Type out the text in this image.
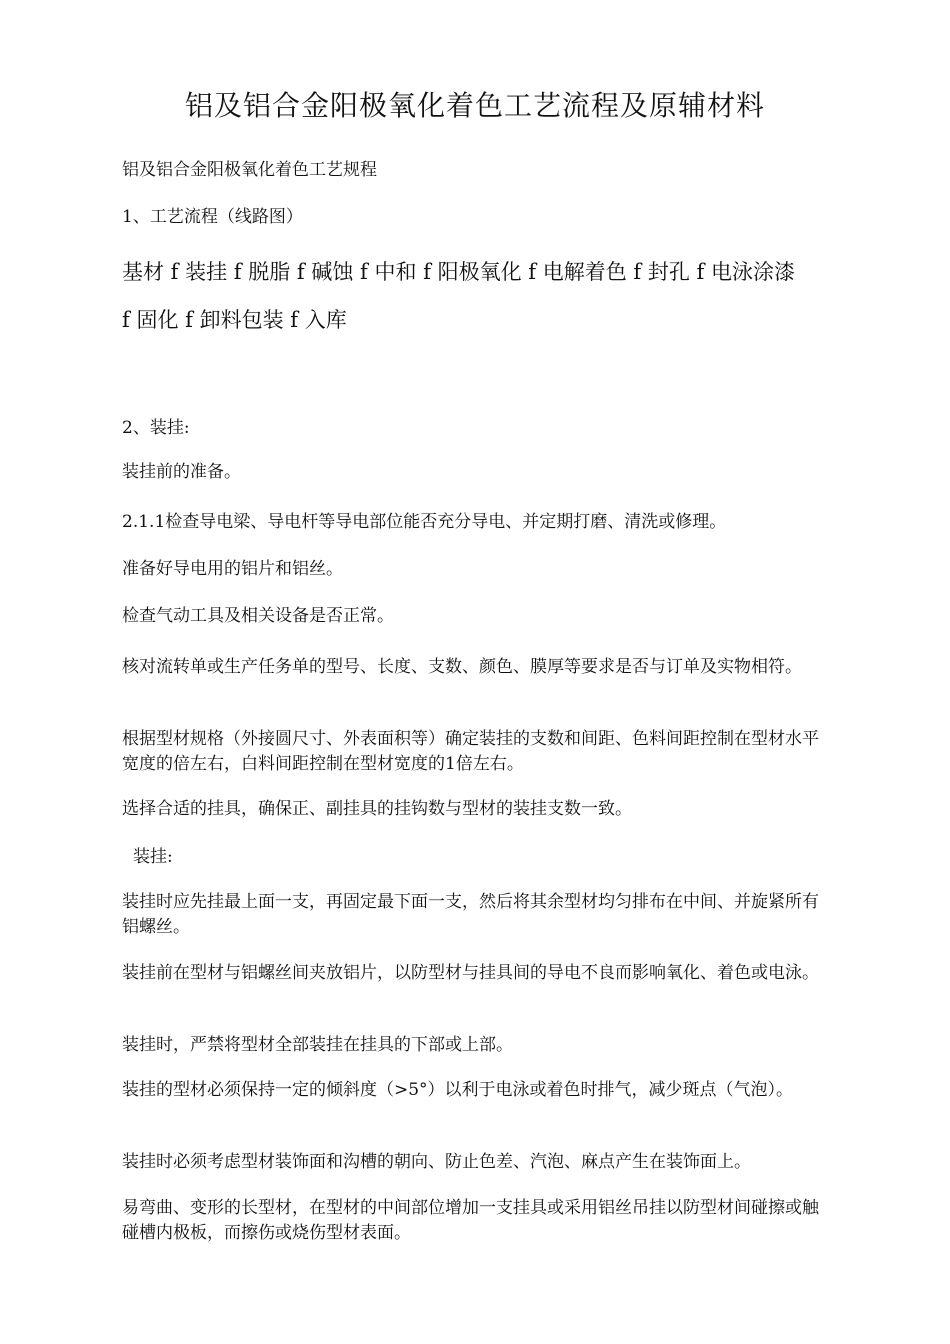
铝及铝合金阳极氧化着色工艺流程及原辅材料

铝及铝合金阳极氧化着色工艺规程

1、工艺流程（线路图）

基材 f 装挂 f 脱脂 f 碱蚀 f 中和 f 阳极氧化 f 电解着色 f 封孔 f 电泳涂漆

f 固化 f 卸料包装 f 入库

2、装挂:

装挂前的准备。

2.1.1检查导电梁、导电杆等导电部位能否充分导电、并定期打磨、清洗或修理。

准备好导电用的铝片和铝丝。

检查气动工具及相关设备是否正常。

核对流转单或生产任务单的型号、长度、支数、颜色、膜厚等要求是否与订单及实物相符。

根据型材规格（外接圆尺寸、外表面积等）确定装挂的支数和间距、色料间距控制在型材水平宽度的倍左右，白料间距控制在型材宽度的1倍左右。

选择合适的挂具，确保正、副挂具的挂钩数与型材的装挂支数一致。

装挂:

装挂时应先挂最上面一支，再固定最下面一支，然后将其余型材均匀排布在中间、并旋紧所有铝螺丝。

装挂前在型材与铝螺丝间夹放铝片，以防型材与挂具间的导电不良而影响氧化、着色或电泳。

装挂时，严禁将型材全部装挂在挂具的下部或上部。

装挂的型材必须保持一定的倾斜度（>5°）以利于电泳或着色时排气，减少斑点（气泡）。

装挂时必须考虑型材装饰面和沟槽的朝向、防止色差、汽泡、麻点产生在装饰面上。

易弯曲、变形的长型材，在型材的中间部位增加一支挂具或采用铝丝吊挂以防型材间碰擦或触碰槽内极板，而擦伤或烧伤型材表面。
